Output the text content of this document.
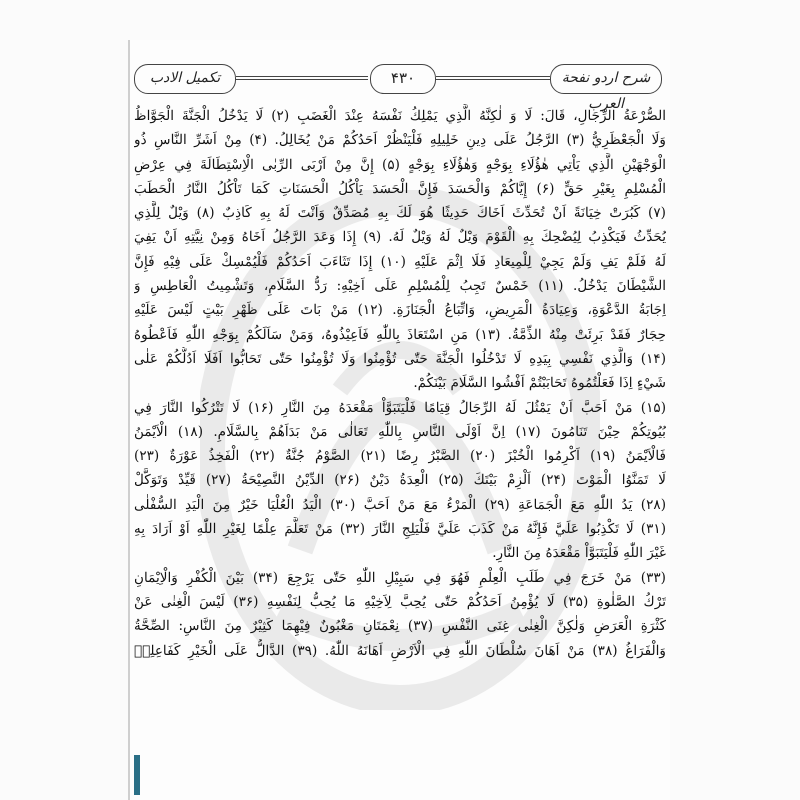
تکمیل الادب	۴۳۰	شرح اردو نفحة العرب
الصُّرْعَةُ الرِّجَالِ، قَالَ: لَا وَ لٰكِنَّهُ الَّذِي يَمْلِكُ نَفْسَهُ عِنْدَ الْغَضَبِ (۲) لَا يَدْخُلُ الْجَنَّةَ الْجَوَّاظُ
وَلَا الْجَعْظَرِيُّ (۳) الرَّجُلُ عَلَى دِينِ خَلِيلِهِ فَلْيَنْظُرْ اَحَدُكُمْ مَنْ يُخَالِلُ. (۴) مِنْ اَشَرِّ النَّاسِ ذُو
الْوَجْهَيْنِ الَّذِي يَاْتِي هٰؤُلَاءِ بِوَجْهٍ وَهٰؤُلَاءِ بِوَجْهٍ (۵) إِنَّ مِنْ اَرْبَى الرِّبٰى الْاِسْتِطَالَةَ فِي عِرْضِ
الْمُسْلِمِ بِغَيْرِ حَقٍّ (۶) إِيَّاكُمْ وَالْحَسَدَ فَإِنَّ الْحَسَدَ يَاْكُلُ الْحَسَنَاتِ كَمَا تَاْكُلُ النَّارُ الْحَطَبَ
(۷) كَبُرَتْ خِيَانَةً اَنْ تُحَدِّثَ اَخَاكَ حَدِيثًا هُوَ لَكَ بِهِ مُصَدِّقٌ وَاَنْتَ لَهُ بِهِ كَاذِبٌ (۸) وَيْلٌ لِلَّذِي
يُحَدِّثُ فَيَكْذِبُ لِيُضْحِكَ بِهِ الْقَوْمَ وَيْلٌ لَهُ وَيْلٌ لَهُ. (۹) إِذَا وَعَدَ الرَّجُلُ اَخَاهُ وَمِنْ نِيَّتِهِ اَنْ يَفِيَ
لَهُ فَلَمْ يَفِ وَلَمْ يَجِيْ لِلْمِيعَادِ فَلَا اِثْمَ عَلَيْهِ (۱۰) إِذَا تَثَاءَبَ اَحَدُكُمْ فَلْيُمْسِكْ عَلَى فِيْهِ فَإِنَّ
الشَّيْطَانَ يَدْخُلُ. (۱۱) خَمْسٌ تَجِبُ لِلْمُسْلِمِ عَلَى اَخِيْهِ: رَدُّ السَّلَامِ، وَتَشْمِيتُ الْعَاطِسِ وَ
اِجَابَةُ الدَّعْوَةِ، وَعِيَادَةُ الْمَرِيضِ، وَاتِّبَاعُ الْجَنَازَةِ. (۱۲) مَنْ بَاتَ عَلَى ظَهْرِ بَيْتٍ لَيْسَ عَلَيْهِ
حِجَارٌ فَقَدْ بَرِئَتْ مِنْهُ الذِّمَّةُ. (۱۳) مَنِ اسْتَعَاذَ بِاللّٰهِ فَاَعِيْذُوهُ، وَمَنْ سَاَلَكُمْ بِوَجْهِ اللّٰهِ فَاَعْطُوهُ
(۱۴) وَالَّذِي نَفْسِي بِيَدِهِ لَا تَدْخُلُوا الْجَنَّةَ حَتّٰى تُؤْمِنُوا وَلَا تُؤْمِنُوا حَتّٰى تَحَابُّوا اَفَلَا اَدُلُّكُمْ عَلٰى
شَيْءٍ اِذَا فَعَلْتُمُوهُ تَحَابَبْتُمْ اَفْشُوا السَّلَامَ بَيْنَكُمْ.
(۱۵) مَنْ اَحَبَّ اَنْ يَمْثُلَ لَهُ الرِّجَالُ قِيَامًا فَلْيَتَبَوَّاْ مَقْعَدَهُ مِنَ النَّارِ (۱۶) لَا تَتْرُكُوا النَّارَ فِي
بُيُوتِكُمْ حِيْنَ تَنَامُونَ (۱۷) اِنَّ اَوْلَى النَّاسِ بِاللّٰهِ تَعَالٰى مَنْ بَدَاَهُمْ بِالسَّلَامِ. (۱۸) الْاَيْمَنُ
فَالْاَيْمَنُ (۱۹) اَكْرِمُوا الْخُبْزَ (۲۰) الصَّبْرُ رِضًا (۲۱) الصَّوْمُ جُنَّةٌ (۲۲) الْفَخِذُ عَوْرَةٌ (۲۳)
لَا تَمَنَّوُا الْمَوْتَ (۲۴) اَلْزِمْ بَيْتَكَ (۲۵) الْعِدَةُ دَيْنٌ (۲۶) الدِّيْنُ النَّصِيْحَةُ (۲۷) قَيِّدْ وَتَوَكَّلْ
(۲۸) يَدُ اللّٰهِ مَعَ الْجَمَاعَةِ (۲۹) الْمَرْءُ مَعَ مَنْ اَحَبَّ (۳۰) الْيَدُ الْعُلْيَا خَيْرٌ مِنَ الْيَدِ السُّفْلٰى
(۳۱) لَا تَكْذِبُوا عَلَيَّ فَإِنَّهُ مَنْ كَذَبَ عَلَيَّ فَلْيَلِجِ النَّارَ (۳۲) مَنْ تَعَلَّمَ عِلْمًا لِغَيْرِ اللّٰهِ اَوْ اَرَادَ بِهِ
غَيْرَ اللّٰهِ فَلْيَتَبَوَّاْ مَقْعَدَهُ مِنَ النَّارِ.
(۳۳) مَنْ خَرَجَ فِي طَلَبِ الْعِلْمِ فَهُوَ فِي سَبِيْلِ اللّٰهِ حَتّٰى يَرْجِعَ (۳۴) بَيْنَ الْكُفْرِ وَالْاِيْمَانِ
تَرْكُ الصَّلٰوةِ (۳۵) لَا يُؤْمِنُ اَحَدُكُمْ حَتّٰى يُحِبَّ لِاَخِيْهِ مَا يُحِبُّ لِنَفْسِهِ (۳۶) لَيْسَ الْغِنٰى عَنْ
كَثْرَةِ الْعَرَضِ وَلٰكِنَّ الْغِنٰى غِنَى النَّفْسِ (۳۷) نِعْمَتَانِ مَغْبُونٌ فِيْهِمَا كَثِيْرٌ مِنَ النَّاسِ: الصِّحَّةُ
وَالْفَرَاغُ (۳۸) مَنْ اَهَانَ سُلْطَانَ اللّٰهِ فِي الْاَرْضِ اَهَانَهُ اللّٰهُ. (۳۹) الدَّالُّ عَلَى الْخَيْرِ كَفَاعِلِهٖ
